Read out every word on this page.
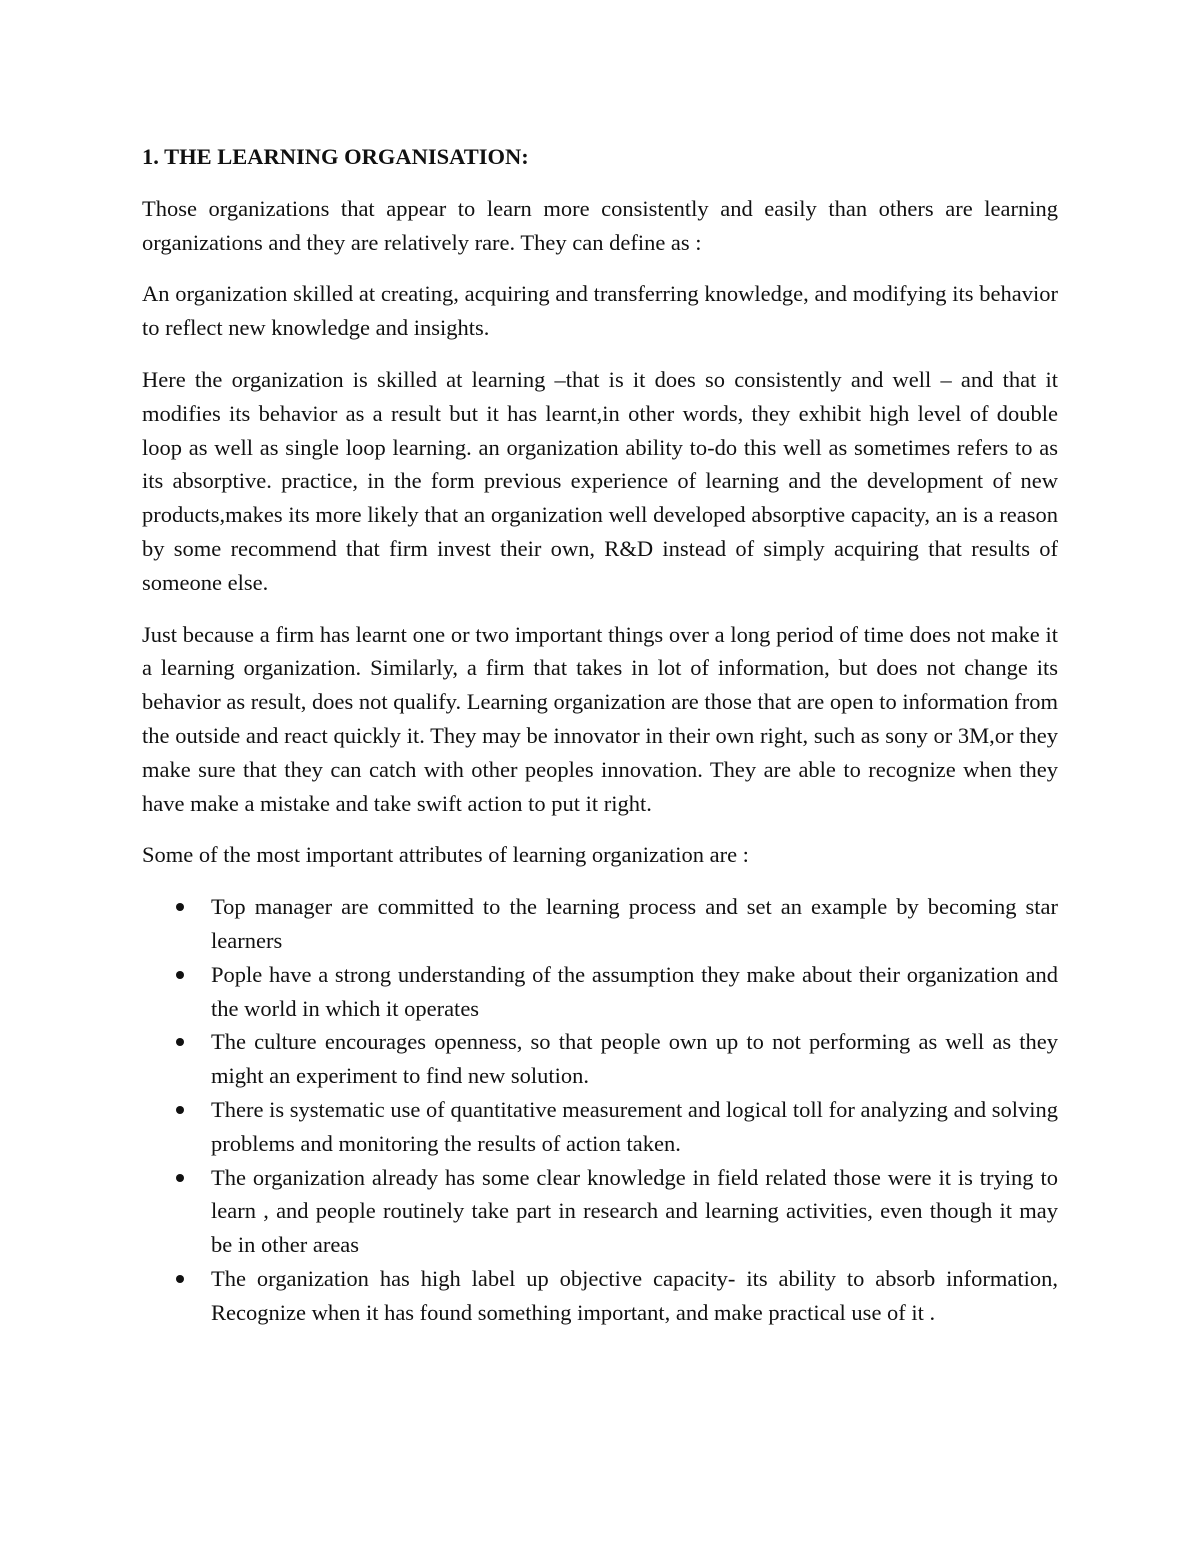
1. THE LEARNING ORGANISATION:

Those organizations that appear to learn more consistently and easily than others are learning organizations and they are relatively rare. They can define as :

An organization skilled at creating, acquiring and transferring knowledge, and modifying its behavior to reflect new knowledge and insights.

Here the organization is skilled at learning –that is it does so consistently and well – and that it modifies its behavior as a result but it has learnt,in other words, they exhibit high level of double loop as well as single loop learning. an organization ability to-do this well as sometimes refers to as its absorptive. practice, in the form previous experience of learning and the development of new products,makes its more likely that an organization well developed absorptive capacity, an is a reason by some recommend that firm invest their own, R&D instead of simply acquiring that results of someone else.

Just because a firm has learnt one or two important things over a long period of time does not make it a learning organization. Similarly, a firm that takes in lot of information, but does not change its behavior as result, does not qualify. Learning organization are those that are open to information from the outside and react quickly it. They may be innovator in their own right, such as sony or 3M,or they make sure that they can catch with other peoples innovation. They are able to recognize when they have make a mistake and take swift action to put it right.

Some of the most important attributes of learning organization are :

Top manager are committed to the learning process and set an example by becoming star learners
Pople have a strong understanding of the assumption they make about their organization and the world in which it operates
The culture encourages openness, so that people own up to not performing as well as they might an experiment to find new solution.
There is systematic use of quantitative measurement and logical toll for analyzing and solving problems and monitoring the results of action taken.
The organization already has some clear knowledge in field related those were it is trying to learn , and people routinely take part in research and learning activities, even though it may be in other areas
The organization has high label up objective capacity- its ability to absorb information, Recognize when it has found something important, and make practical use of it .
